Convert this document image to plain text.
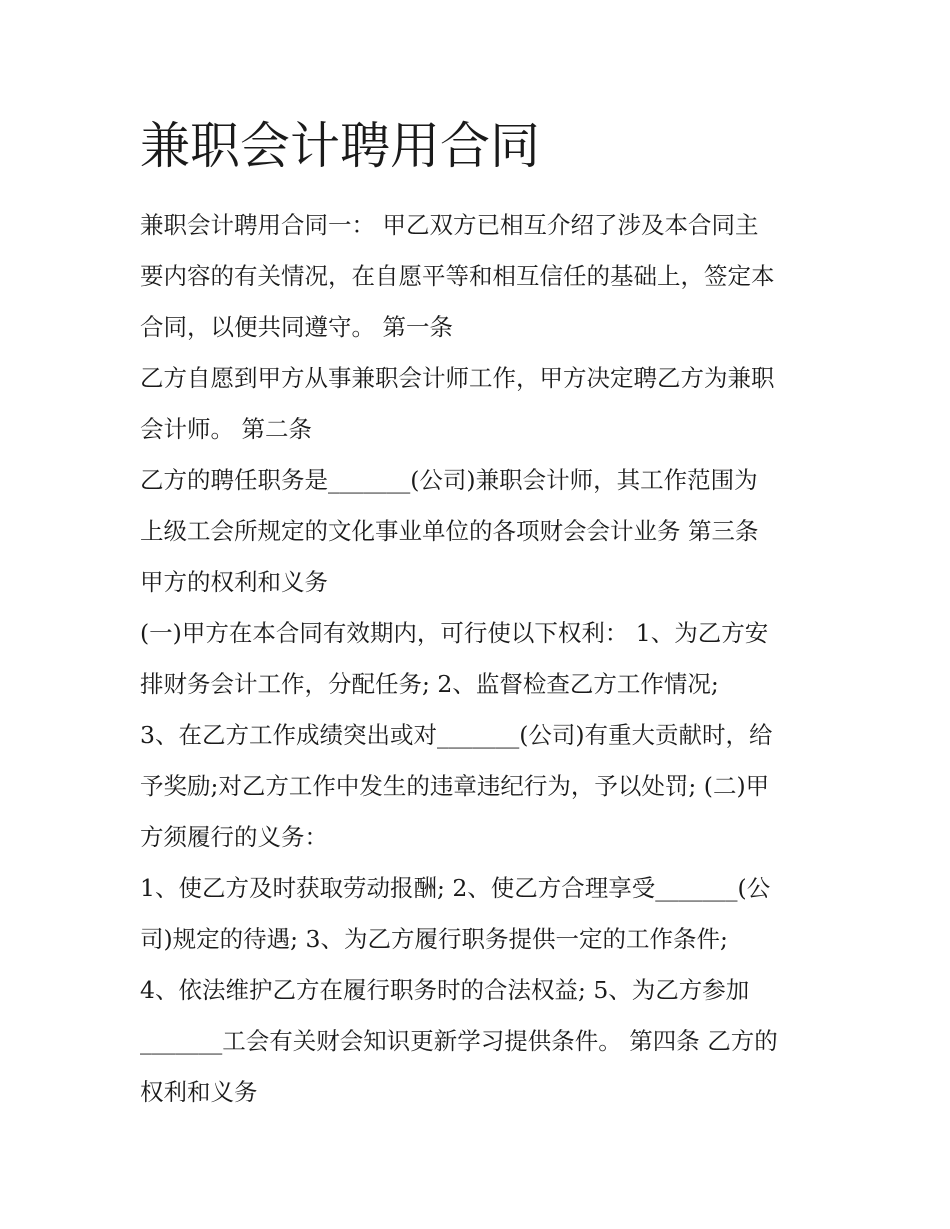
兼职会计聘用合同
兼职会计聘用合同一： 甲乙双方已相互介绍了涉及本合同主
要内容的有关情况，在自愿平等和相互信任的基础上，签定本
合同，以便共同遵守。 第一条
乙方自愿到甲方从事兼职会计师工作，甲方决定聘乙方为兼职
会计师。 第二条
乙方的聘任职务是_______(公司)兼职会计师，其工作范围为
上级工会所规定的文化事业单位的各项财会会计业务 第三条
甲方的权利和义务
(一)甲方在本合同有效期内，可行使以下权利： 1、为乙方安
排财务会计工作，分配任务; 2、监督检查乙方工作情况;
3、在乙方工作成绩突出或对_______(公司)有重大贡献时，给
予奖励;对乙方工作中发生的违章违纪行为，予以处罚; (二)甲
方须履行的义务：
1、使乙方及时获取劳动报酬; 2、使乙方合理享受_______(公
司)规定的待遇; 3、为乙方履行职务提供一定的工作条件;
4、依法维护乙方在履行职务时的合法权益; 5、为乙方参加
_______工会有关财会知识更新学习提供条件。 第四条 乙方的
权利和义务
